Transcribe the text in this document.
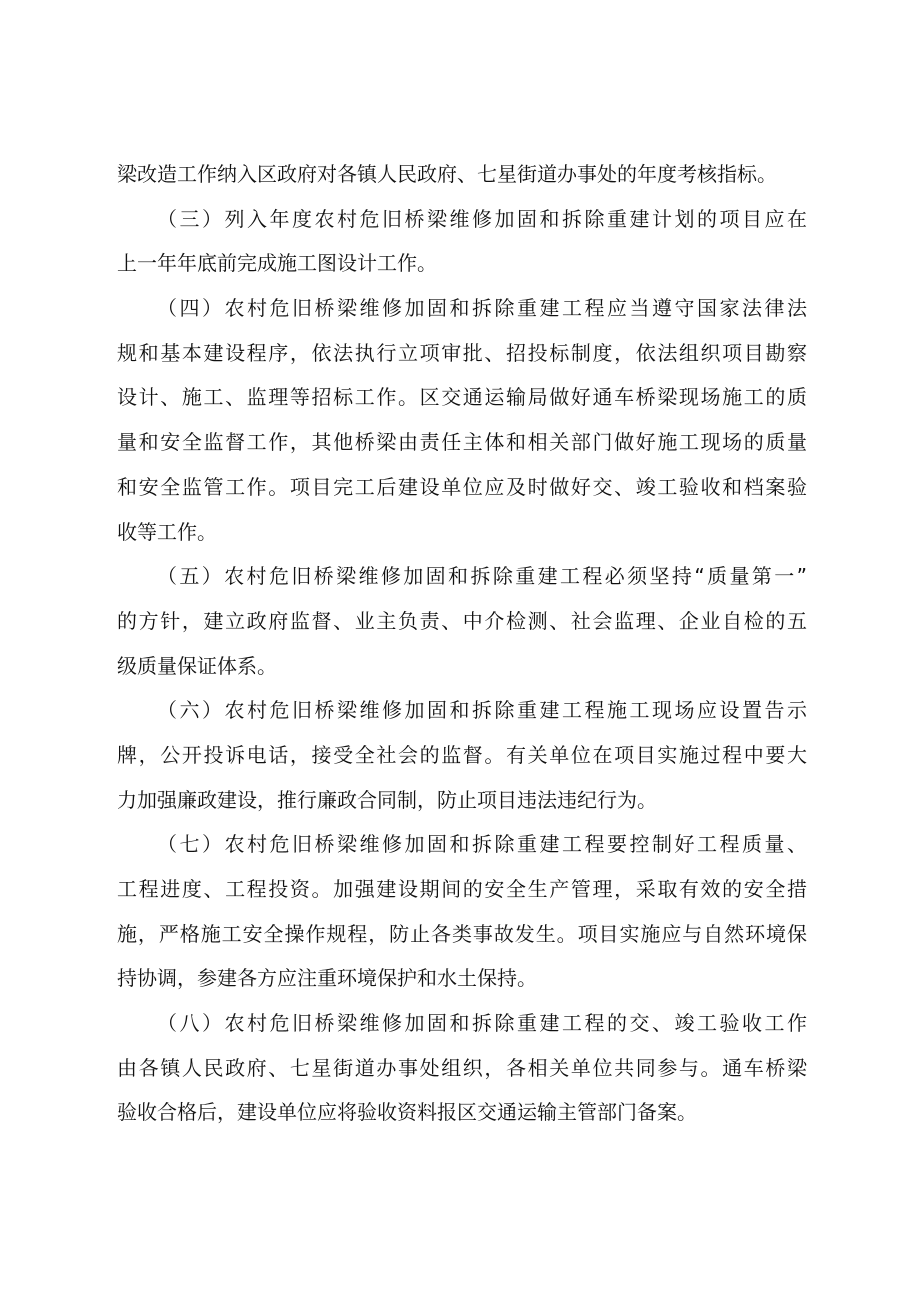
梁改造工作纳入区政府对各镇人民政府、七星街道办事处的年度考核指标。
（三）列入年度农村危旧桥梁维修加固和拆除重建计划的项目应在
上一年年底前完成施工图设计工作。
（四）农村危旧桥梁维修加固和拆除重建工程应当遵守国家法律法
规和基本建设程序，依法执行立项审批、招投标制度，依法组织项目勘察
设计、施工、监理等招标工作。区交通运输局做好通车桥梁现场施工的质
量和安全监督工作，其他桥梁由责任主体和相关部门做好施工现场的质量
和安全监管工作。项目完工后建设单位应及时做好交、竣工验收和档案验
收等工作。
（五）农村危旧桥梁维修加固和拆除重建工程必须坚持“质量第一”
的方针，建立政府监督、业主负责、中介检测、社会监理、企业自检的五
级质量保证体系。
（六）农村危旧桥梁维修加固和拆除重建工程施工现场应设置告示
牌，公开投诉电话，接受全社会的监督。有关单位在项目实施过程中要大
力加强廉政建设，推行廉政合同制，防止项目违法违纪行为。
（七）农村危旧桥梁维修加固和拆除重建工程要控制好工程质量、
工程进度、工程投资。加强建设期间的安全生产管理，采取有效的安全措
施，严格施工安全操作规程，防止各类事故发生。项目实施应与自然环境保
持协调，参建各方应注重环境保护和水土保持。
（八）农村危旧桥梁维修加固和拆除重建工程的交、竣工验收工作
由各镇人民政府、七星街道办事处组织，各相关单位共同参与。通车桥梁
验收合格后，建设单位应将验收资料报区交通运输主管部门备案。
